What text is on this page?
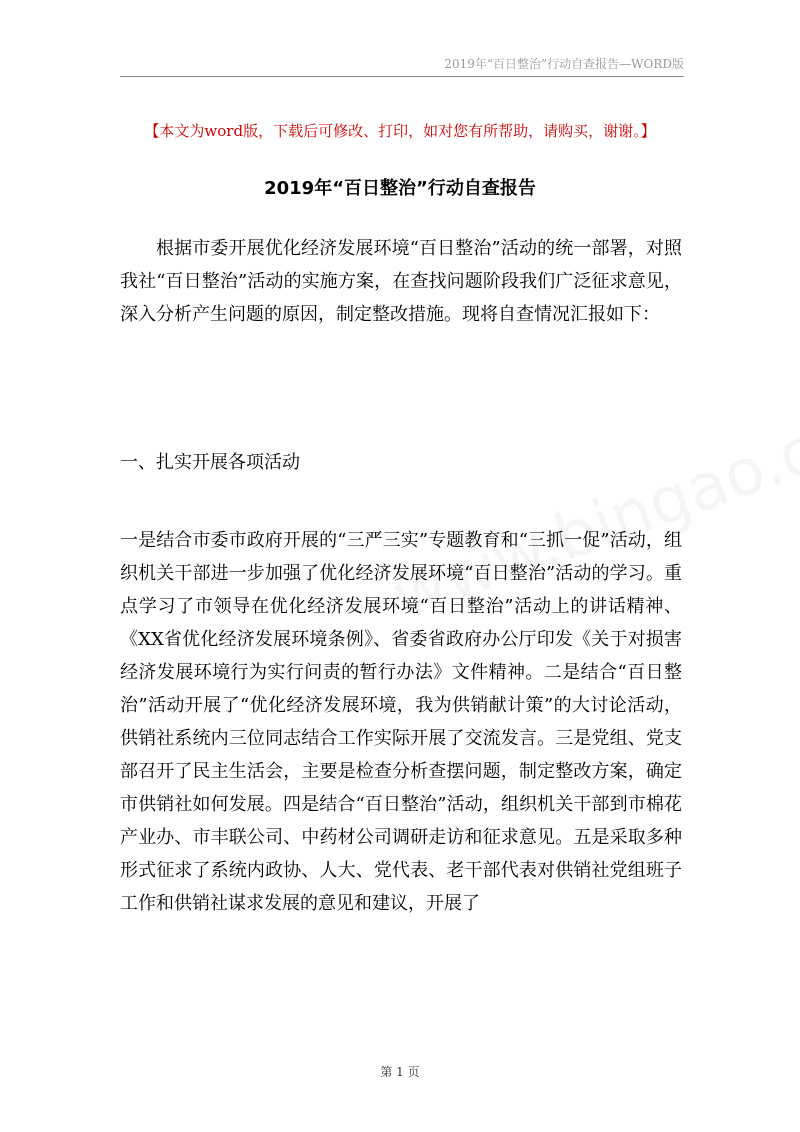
2019年“百日整治”行动自查报告—WORD版
【本文为word版，下载后可修改、打印，如对您有所帮助，请购买，谢谢。】
2019年“百日整治”行动自查报告

根据市委开展优化经济发展环境“百日整治”活动的统一部署，对照我社“百日整治”活动的实施方案，在查找问题阶段我们广泛征求意见，深入分析产生问题的原因，制定整改措施。现将自查情况汇报如下：

一、扎实开展各项活动

一是结合市委市政府开展的“三严三实”专题教育和“三抓一促”活动，组织机关干部进一步加强了优化经济发展环境“百日整治”活动的学习。重点学习了市领导在优化经济发展环境“百日整治”活动上的讲话精神、《XX省优化经济发展环境条例》、省委省政府办公厅印发《关于对损害经济发展环境行为实行问责的暂行办法》文件精神。二是结合“百日整治”活动开展了“优化经济发展环境，我为供销献计策”的大讨论活动，供销社系统内三位同志结合工作实际开展了交流发言。三是党组、党支部召开了民主生活会，主要是检查分析查摆问题，制定整改方案，确定市供销社如何发展。四是结合“百日整治”活动，组织机关干部到市棉花产业办、市丰联公司、中药材公司调研走访和征求意见。五是采取多种形式征求了系统内政协、人大、党代表、老干部代表对供销社党组班子工作和供销社谋求发展的意见和建议，开展了

第 1 页
